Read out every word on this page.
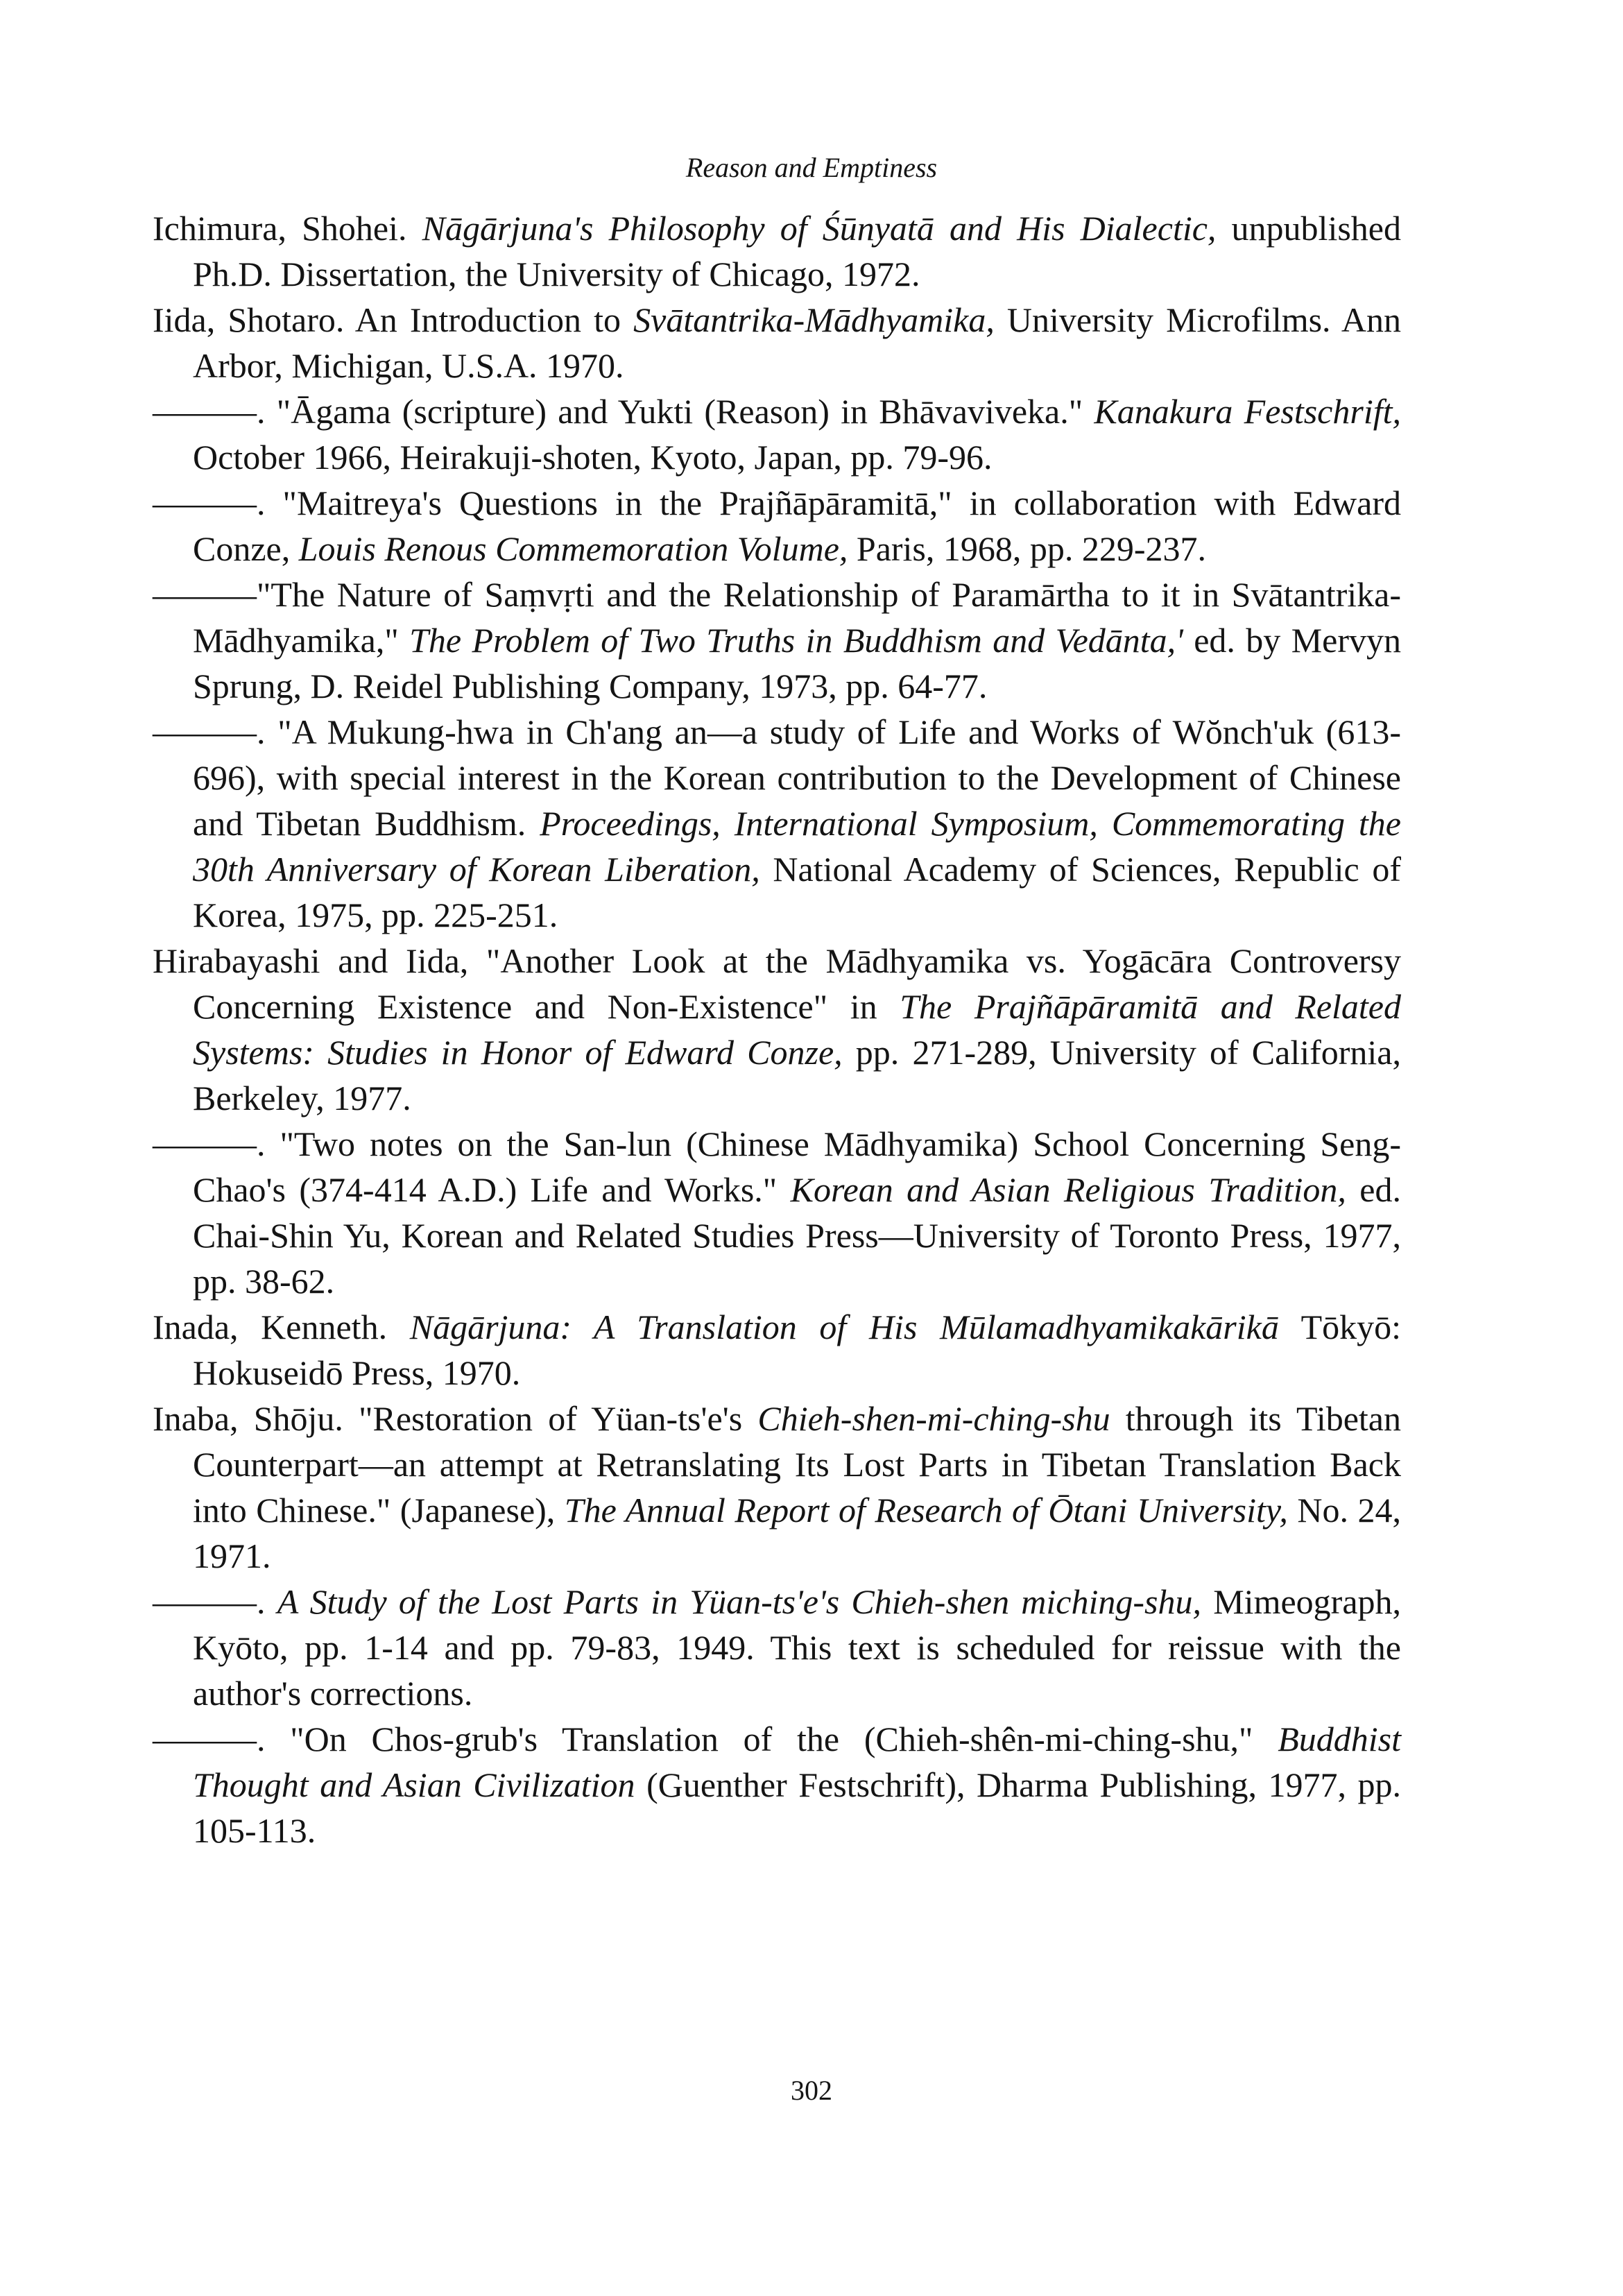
Reason and Emptiness

Ichimura, Shohei. Nāgārjuna's Philosophy of Śūnyatā and His Dialectic, unpublished Ph.D. Dissertation, the University of Chicago, 1972.

Iida, Shotaro. An Introduction to Svātantrika-Mādhyamika, University Microfilms. Ann Arbor, Michigan, U.S.A. 1970.

———. "Āgama (scripture) and Yukti (Reason) in Bhāvaviveka." Kanakura Festschrift, October 1966, Heirakuji-shoten, Kyoto, Japan, pp. 79-96.

———. "Maitreya's Questions in the Prajñāpāramitā," in collaboration with Edward Conze, Louis Renous Commemoration Volume, Paris, 1968, pp. 229-237.

———"The Nature of Saṃvṛti and the Relationship of Paramārtha to it in Svātantrika-Mādhyamika," The Problem of Two Truths in Buddhism and Vedānta,' ed. by Mervyn Sprung, D. Reidel Publishing Company, 1973, pp. 64-77.

———. "A Mukung-hwa in Ch'ang an—a study of Life and Works of Wŏnch'uk (613-696), with special interest in the Korean contribution to the Development of Chinese and Tibetan Buddhism. Proceedings, International Symposium, Commemorating the 30th Anniversary of Korean Liberation, National Academy of Sciences, Republic of Korea, 1975, pp. 225-251.

Hirabayashi and Iida, "Another Look at the Mādhyamika vs. Yogācāra Controversy Concerning Existence and Non-Existence" in The Prajñāpāramitā and Related Systems: Studies in Honor of Edward Conze, pp. 271-289, University of California, Berkeley, 1977.

———. "Two notes on the San-lun (Chinese Mādhyamika) School Concerning Seng-Chao's (374-414 A.D.) Life and Works." Korean and Asian Religious Tradition, ed. Chai-Shin Yu, Korean and Related Studies Press—University of Toronto Press, 1977, pp. 38-62.

Inada, Kenneth. Nāgārjuna: A Translation of His Mūlamadhyamikakārikā Tōkyō: Hokuseidō Press, 1970.

Inaba, Shōju. "Restoration of Yüan-ts'e's Chieh-shen-mi-ching-shu through its Tibetan Counterpart—an attempt at Retranslating Its Lost Parts in Tibetan Translation Back into Chinese." (Japanese), The Annual Report of Research of Ōtani University, No. 24, 1971.

———. A Study of the Lost Parts in Yüan-ts'e's Chieh-shen miching-shu, Mimeograph, Kyōto, pp. 1-14 and pp. 79-83, 1949. This text is scheduled for reissue with the author's corrections.

———. "On Chos-grub's Translation of the (Chieh-shên-mi-ching-shu," Buddhist Thought and Asian Civilization (Guenther Festschrift), Dharma Publishing, 1977, pp. 105-113.

302
